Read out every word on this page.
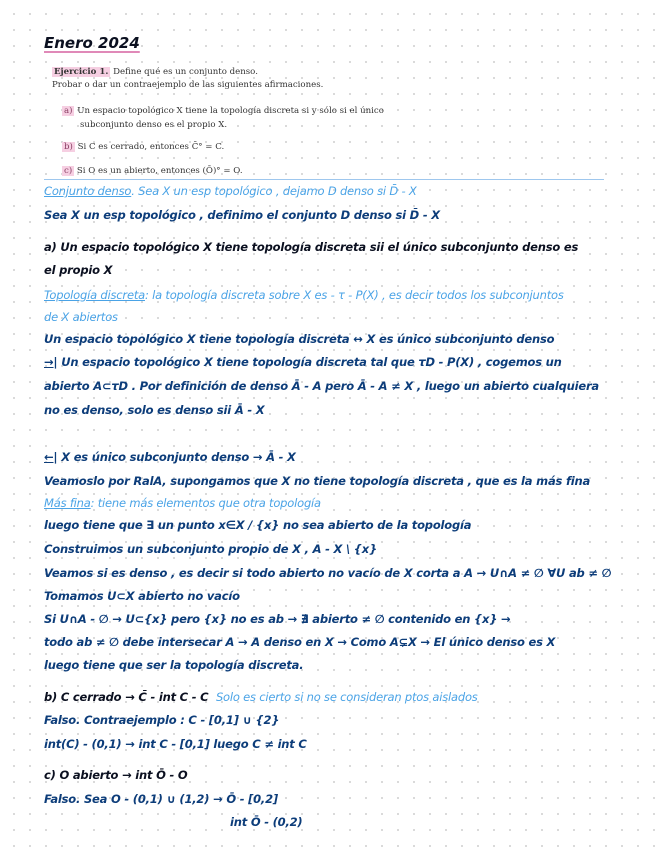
Enero 2024
Ejercicio 1. Define qué es un conjunto denso.
Probar o dar un contraejemplo de las siguientes afirmaciones.
a) Un espacio topológico X tiene la topología discreta si y sólo si el único
subconjunto denso es el propio X.
b) Si C es cerrado, entonces C̄° = C.
c) Si O es un abierto, entonces (Ō)° = O.
Conjunto denso. Sea X un esp topológico , dejamo D denso si D̄ - X
Sea X un esp topológico , definimo el conjunto D denso si D̄ - X
a) Un espacio topológico X tiene topología discreta sii el único subconjunto denso es
el propio X
Topología discreta: la topología discreta sobre X es - τ - P(X) , es decir todos los subconjuntos
de X abiertos
Un espacio topológico X tiene topología discreta ↔ X es único subconjunto denso
→| Un espacio topológico X tiene topología discreta tal que τD - P(X) , cogemos un
abierto A⊂τD . Por definición de denso Ā - A pero Ā - A ≠ X , luego un abierto cualquiera
no es denso, solo es denso sii Ā - X
←| X es único subconjunto denso → Ā - X
Veamoslo por RalA, supongamos que X no tiene topología discreta , que es la más fina
Más fina: tiene más elementos que otra topología
luego tiene que ∃ un punto x∈X / {x} no sea abierto de la topología
Construimos un subconjunto propio de X , A - X \ {x}
Veamos si es denso , es decir si todo abierto no vacío de X corta a A → U∩A ≠ ∅ ∀U ab ≠ ∅
Tomamos U⊂X abierto no vacío
Si U∩A - ∅ → U⊂{x} pero {x} no es ab → ∄ abierto ≠ ∅ contenido en {x} →
todo ab ≠ ∅ debe intersecar A → A denso en X → Como A⊊X → El único denso es X
luego tiene que ser la topología discreta.
b) C cerrado → C̄ - int C - C Solo es cierto si no se consideran ptos aislados
Falso. Contraejemplo : C - [0,1] ∪ {2}
int(C) - (0,1) → int C - [0,1] luego C ≠ int C
c) O abierto → int Ō - O
Falso. Sea O - (0,1) ∪ (1,2) → Ō - [0,2]
int Ō - (0,2)
